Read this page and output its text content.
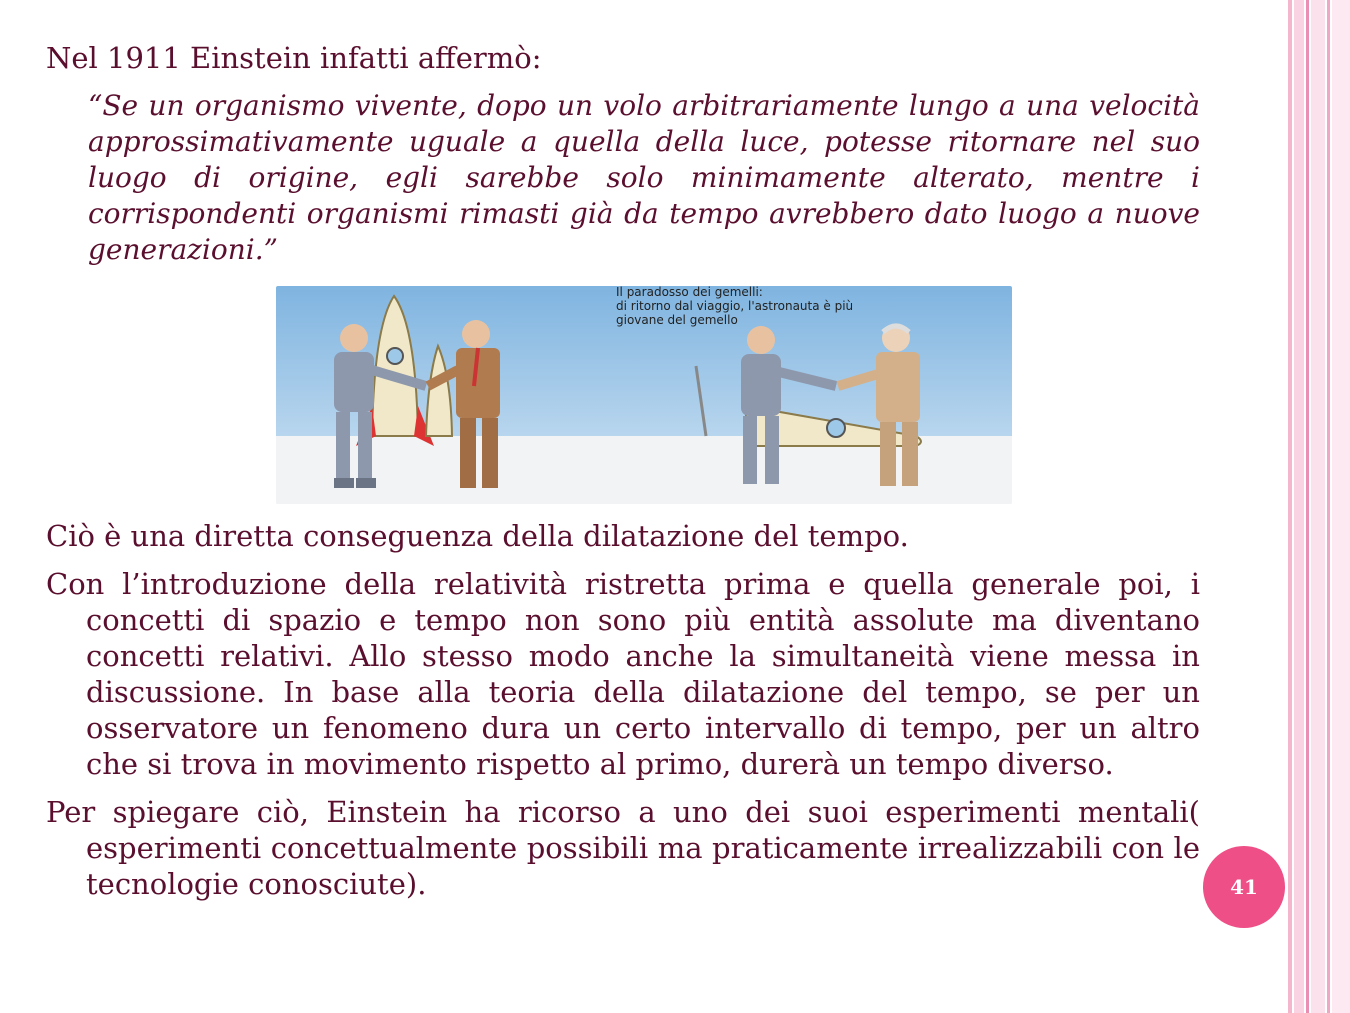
Nel 1911 Einstein infatti affermò:

“Se un organismo vivente, dopo un volo arbitrariamente lungo a una velocità approssimativamente uguale a quella della luce, potesse ritornare nel suo luogo di origine, egli sarebbe solo minimamente alterato, mentre i corrispondenti organismi rimasti già da tempo avrebbero dato luogo a nuove generazioni.”

Il paradosso dei gemelli:
di ritorno dal viaggio, l'astronauta è più
giovane del gemello

Ciò è una diretta conseguenza della dilatazione del tempo.

Con l’introduzione della relatività ristretta prima e quella generale poi, i concetti di spazio e tempo non sono più entità assolute ma diventano concetti relativi. Allo stesso modo anche la simultaneità viene messa in discussione. In base alla teoria della dilatazione del tempo, se per un osservatore un fenomeno dura un certo intervallo di tempo, per un altro che si trova in movimento rispetto al primo, durerà un tempo diverso.

Per spiegare ciò, Einstein ha ricorso a uno dei suoi esperimenti mentali( esperimenti concettualmente possibili ma praticamente irrealizzabili con le tecnologie conosciute).	41
